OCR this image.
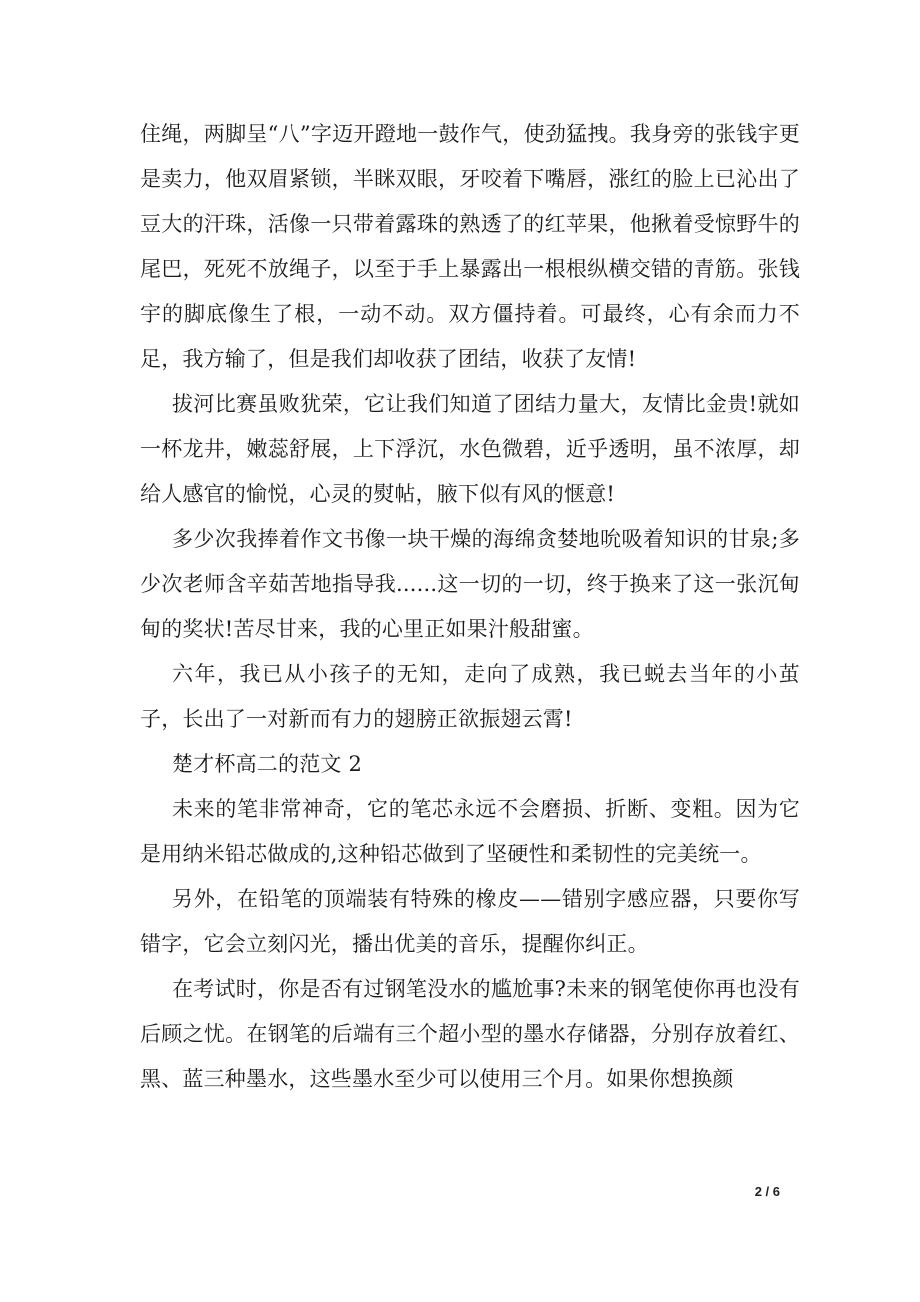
住绳，两脚呈“八”字迈开蹬地一鼓作气，使劲猛拽。我身旁的张钱宇更是卖力，他双眉紧锁，半眯双眼，牙咬着下嘴唇，涨红的脸上已沁出了豆大的汗珠，活像一只带着露珠的熟透了的红苹果，他揪着受惊野牛的尾巴，死死不放绳子，以至于手上暴露出一根根纵横交错的青筋。张钱宇的脚底像生了根，一动不动。双方僵持着。可最终，心有余而力不足，我方输了，但是我们却收获了团结，收获了友情!

拔河比赛虽败犹荣，它让我们知道了团结力量大，友情比金贵!就如一杯龙井，嫩蕊舒展，上下浮沉，水色微碧，近乎透明，虽不浓厚，却给人感官的愉悦，心灵的熨帖，腋下似有风的惬意!

多少次我捧着作文书像一块干燥的海绵贪婪地吮吸着知识的甘泉;多少次老师含辛茹苦地指导我......这一切的一切，终于换来了这一张沉甸甸的奖状!苦尽甘来，我的心里正如果汁般甜蜜。

六年，我已从小孩子的无知，走向了成熟，我已蜕去当年的小茧子，长出了一对新而有力的翅膀正欲振翅云霄!

楚才杯高二的范文 2

未来的笔非常神奇，它的笔芯永远不会磨损、折断、变粗。因为它是用纳米铅芯做成的,这种铅芯做到了坚硬性和柔韧性的完美统一。

另外，在铅笔的顶端装有特殊的橡皮——错别字感应器，只要你写错字，它会立刻闪光，播出优美的音乐，提醒你纠正。

在考试时，你是否有过钢笔没水的尴尬事?未来的钢笔使你再也没有后顾之忧。在钢笔的后端有三个超小型的墨水存储器，分别存放着红、黑、蓝三种墨水，这些墨水至少可以使用三个月。如果你想换颜

2 / 6
